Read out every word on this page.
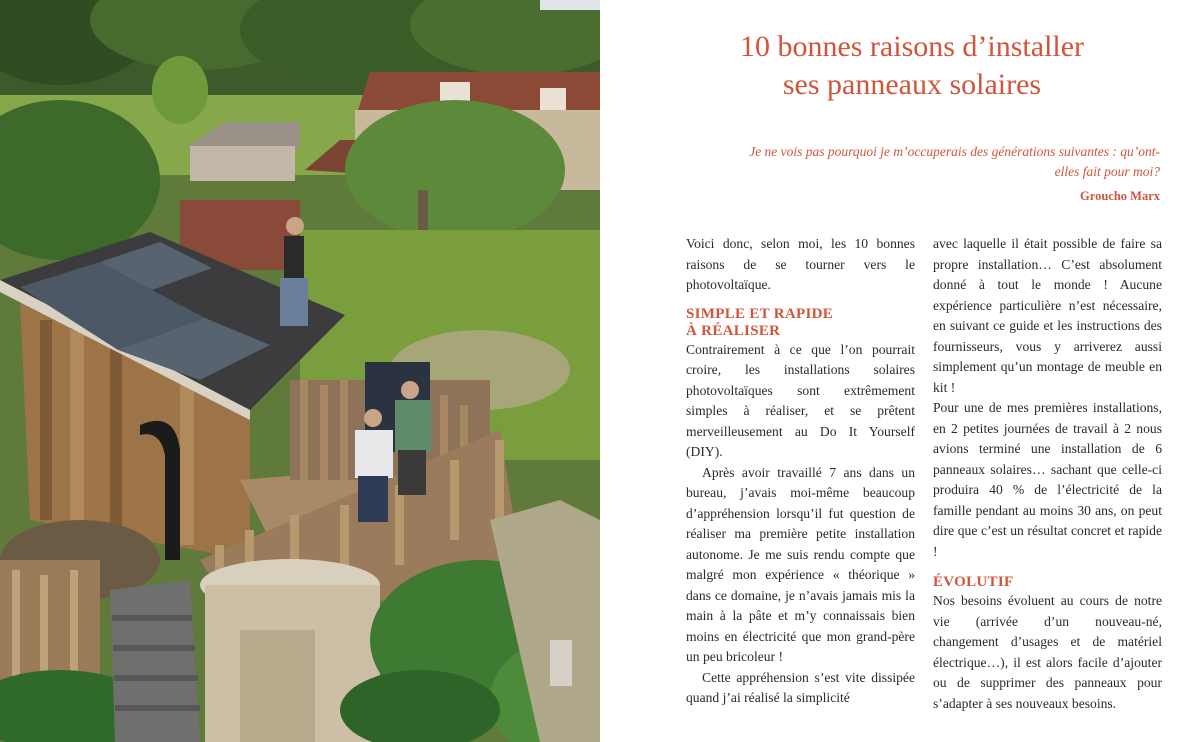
10 bonnes raisons d’installer
ses panneaux solaires
Je ne vois pas pourquoi je m’occuperais des générations suivantes : qu’ont-elles fait pour moi?
Groucho Marx

Voici donc, selon moi, les 10 bonnes raisons de se tourner vers le photovoltaïque.

SIMPLE ET RAPIDE
À RÉALISER

Contrairement à ce que l’on pourrait croire, les installations solaires photovoltaïques sont extrêmement simples à réaliser, et se prêtent merveilleusement au Do It Yourself (DIY).

Après avoir travaillé 7 ans dans un bureau, j’avais moi-même beaucoup d’appréhension lorsqu’il fut question de réaliser ma première petite installation autonome. Je me suis rendu compte que malgré mon expérience « théorique » dans ce domaine, je n’avais jamais mis la main à la pâte et m’y connaissais bien moins en électricité que mon grand-père un peu bricoleur !

Cette appréhension s’est vite dissipée quand j’ai réalisé la simplicité

avec laquelle il était possible de faire sa propre installation… C’est absolument donné à tout le monde ! Aucune expérience particulière n’est nécessaire, en suivant ce guide et les instructions des fournisseurs, vous y arriverez aussi simplement qu’un montage de meuble en kit !

Pour une de mes premières installations, en 2 petites journées de travail à 2 nous avions terminé une installation de 6 panneaux solaires… sachant que celle-ci produira 40 % de l’électricité de la famille pendant au moins 30 ans, on peut dire que c’est un résultat concret et rapide !

ÉVOLUTIF

Nos besoins évoluent au cours de notre vie (arrivée d’un nouveau-né, changement d’usages et de matériel électrique…), il est alors facile d’ajouter ou de supprimer des panneaux pour s’adapter à ses nouveaux besoins.
